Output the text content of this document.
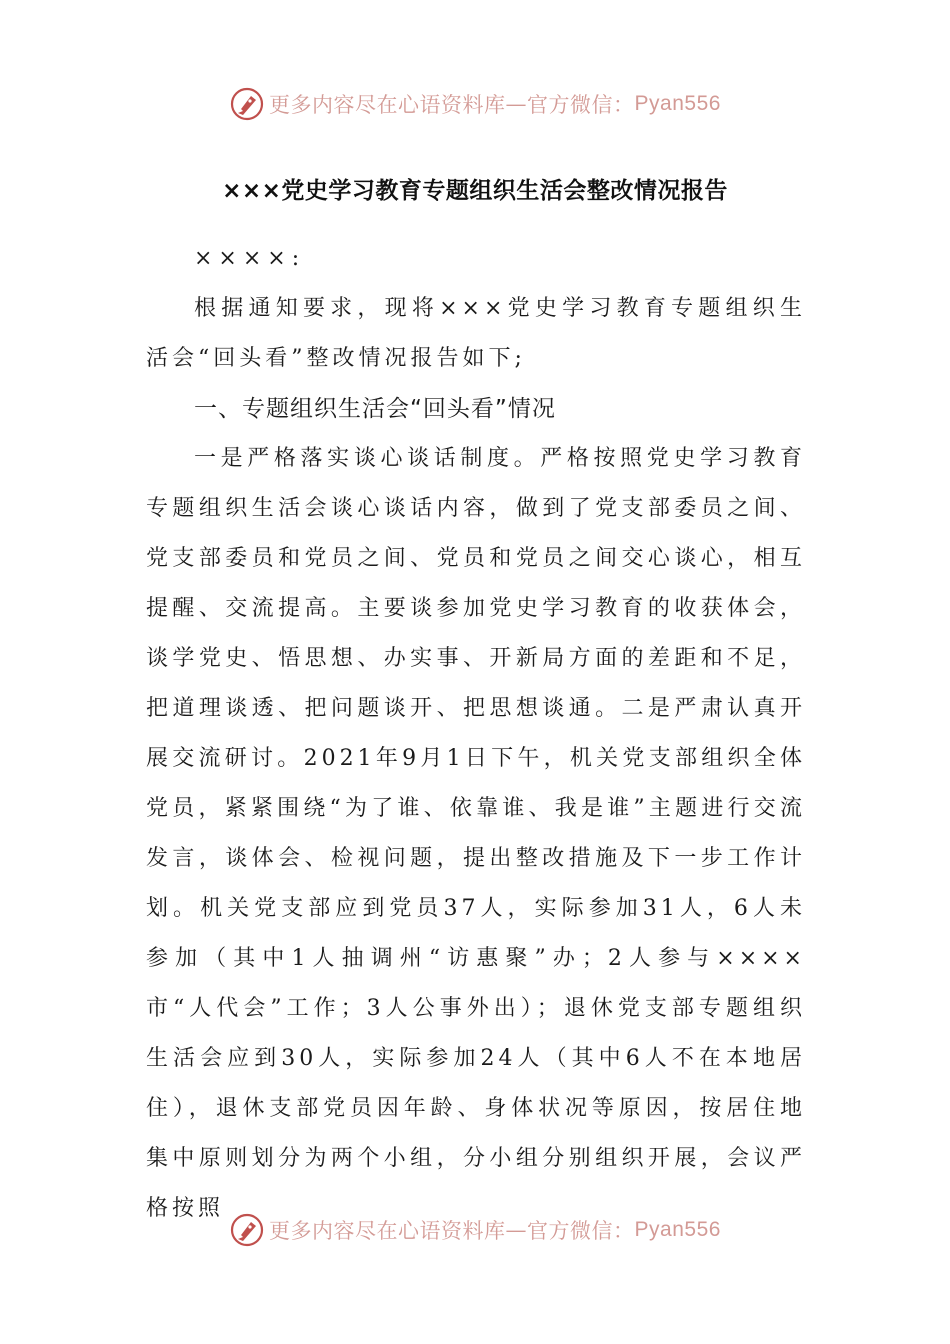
更多内容尽在心语资料库 — 官方微信： Pyan556
×××党史学习教育专题组织生活会整改情况报告

××××:

根据通知要求，现将×××党史学习教育专题组织生活会“回头看”整改情况报告如下;

一、专题组织生活会“回头看”情况

一是严格落实谈心谈话制度。严格按照党史学习教育专题组织生活会谈心谈话内容，做到了党支部委员之间、党支部委员和党员之间、党员和党员之间交心谈心，相互提醒、交流提高。主要谈参加党史学习教育的收获体会，谈学党史、悟思想、办实事、开新局方面的差距和不足，把道理谈透、把问题谈开、把思想谈通。二是严肃认真开展交流研讨。2021年9月1日下午，机关党支部组织全体党员，紧紧围绕“为了谁、依靠谁、我是谁”主题进行交流发言，谈体会、检视问题，提出整改措施及下一步工作计划。机关党支部应到党员37人，实际参加31人，6人未参加（其中1人抽调州“访惠聚”办；2人参与××××市“人代会”工作；3人公事外出）；退休党支部专题组织生活会应到30人，实际参加24人（其中6人不在本地居住），退休支部党员因年龄、身体状况等原因，按居住地集中原则划分为两个小组，分小组分别组织开展，会议严格按照

更多内容尽在心语资料库 — 官方微信： Pyan556
